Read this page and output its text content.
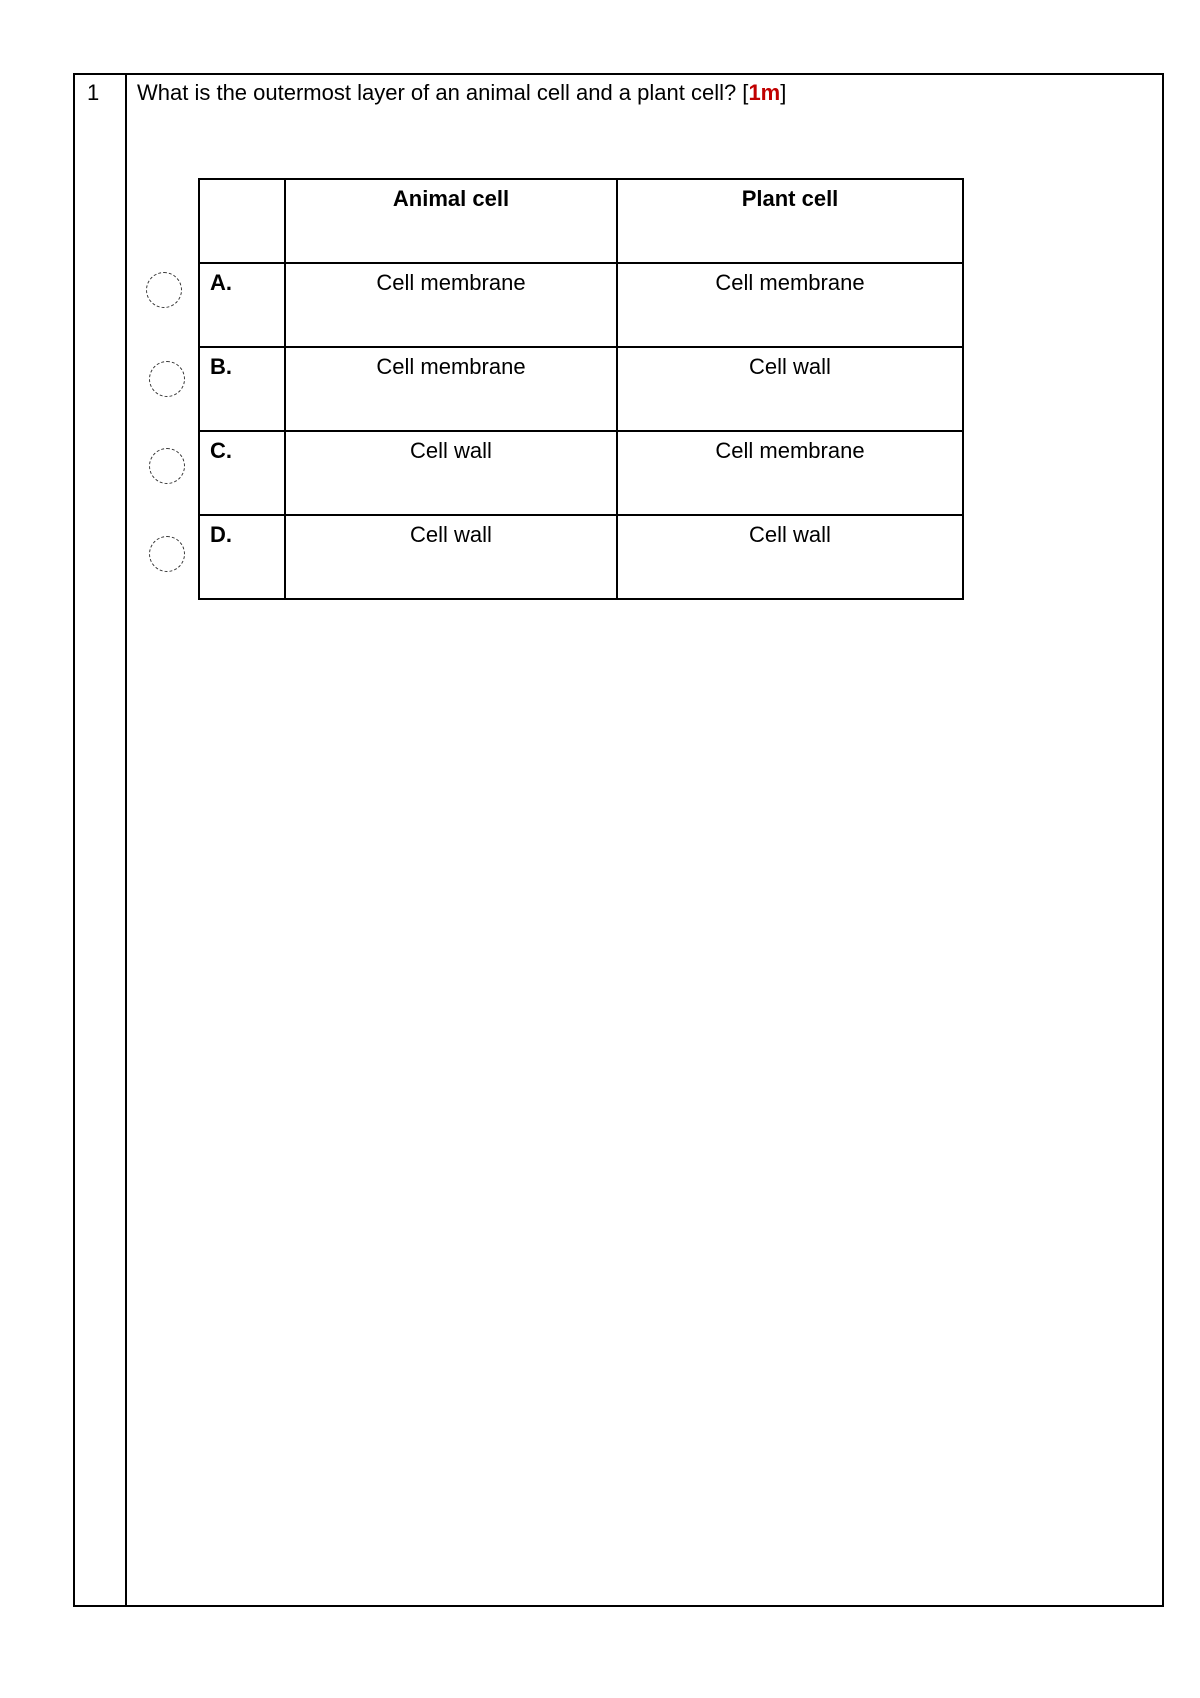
1 What is the outermost layer of an animal cell and a plant cell? [1m]
	Animal cell	Plant cell
A.	Cell membrane	Cell membrane
B.	Cell membrane	Cell wall
C.	Cell wall	Cell membrane
D.	Cell wall	Cell wall
